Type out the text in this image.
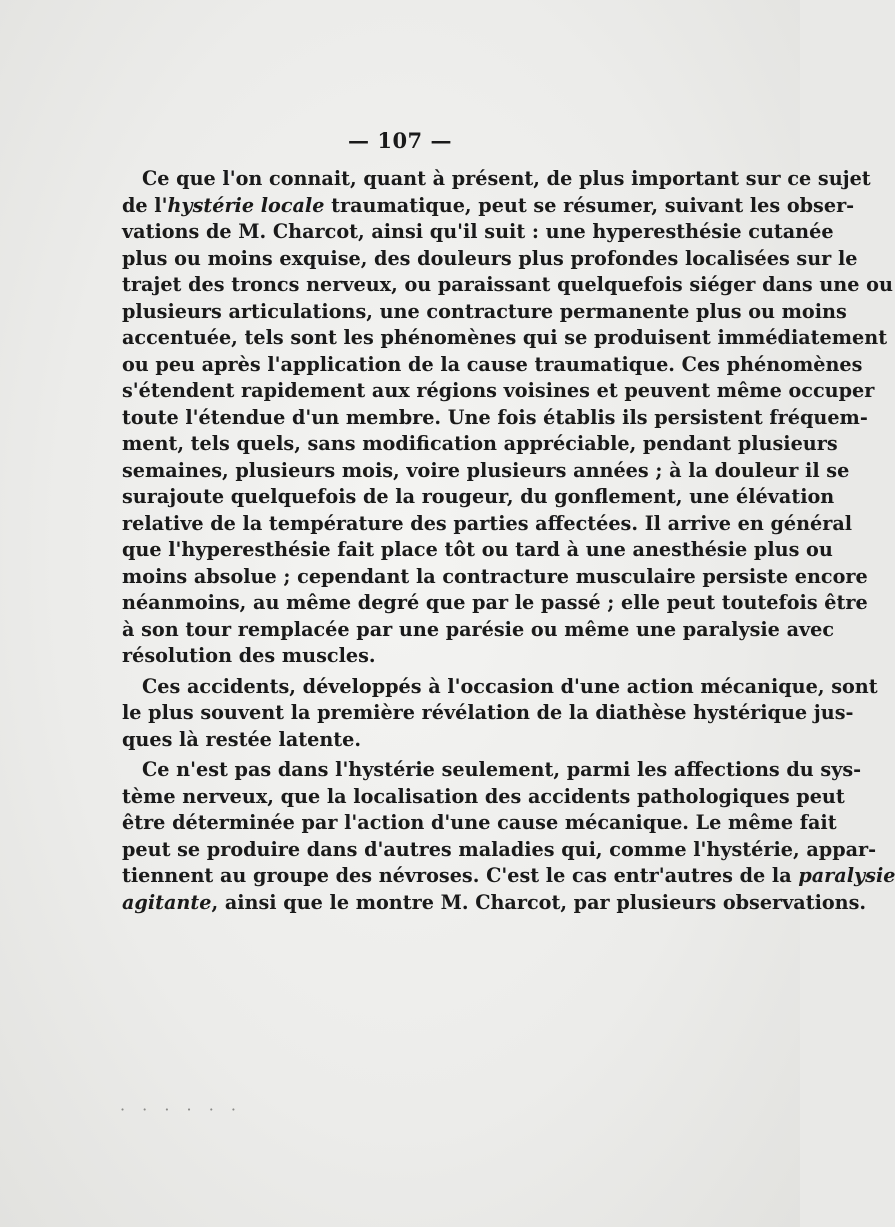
— 107 —
Ce que l'on connait, quant à présent, de plus important sur ce sujet
de l'hystérie locale traumatique, peut se résumer, suivant les obser-
vations de M. Charcot, ainsi qu'il suit : une hyperesthésie cutanée
plus ou moins exquise, des douleurs plus profondes localisées sur le
trajet des troncs nerveux, ou paraissant quelquefois siéger dans une ou
plusieurs articulations, une contracture permanente plus ou moins
accentuée, tels sont les phénomènes qui se produisent immédiatement
ou peu après l'application de la cause traumatique. Ces phénomènes
s'étendent rapidement aux régions voisines et peuvent même occuper
toute l'étendue d'un membre. Une fois établis ils persistent fréquem-
ment, tels quels, sans modification appréciable, pendant plusieurs
semaines, plusieurs mois, voire plusieurs années ; à la douleur il se
surajoute quelquefois de la rougeur, du gonflement, une élévation
relative de la température des parties affectées. Il arrive en général
que l'hyperesthésie fait place tôt ou tard à une anesthésie plus ou
moins absolue ; cependant la contracture musculaire persiste encore
néanmoins, au même degré que par le passé ; elle peut toutefois être
à son tour remplacée par une parésie ou même une paralysie avec
résolution des muscles.
Ces accidents, développés à l'occasion d'une action mécanique, sont
le plus souvent la première révélation de la diathèse hystérique jus-
ques là restée latente.
Ce n'est pas dans l'hystérie seulement, parmi les affections du sys-
tème nerveux, que la localisation des accidents pathologiques peut
être déterminée par l'action d'une cause mécanique. Le même fait
peut se produire dans d'autres maladies qui, comme l'hystérie, appar-
tiennent au groupe des névroses. C'est le cas entr'autres de la paralysie
agitante, ainsi que le montre M. Charcot, par plusieurs observations.
· · · · · ·
